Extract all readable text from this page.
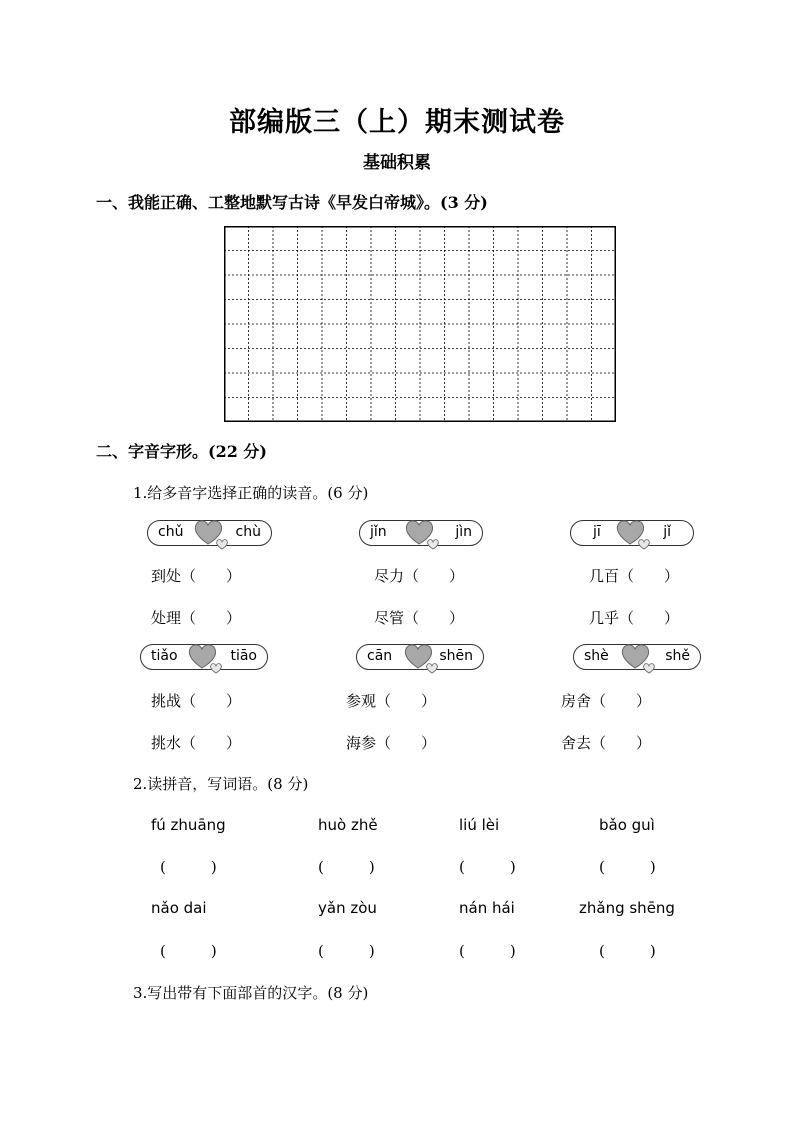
部编版三（上）期末测试卷
基础积累
一、我能正确、工整地默写古诗《早发白帝城》。(3 分)
二、字音字形。(22 分)
1.给多音字选择正确的读音。(6 分)
chǔ	chù	jǐn	jìn	jī	jǐ
到处（　　）
处理（　　）
尽力（　　）
尽管（　　）
几百（　　）
几乎（　　）
tiǎo	tiāo	cān	shēn	shè	shě
挑战（　　）
挑水（　　）
参观（　　）
海参（　　）
房舍（　　）
舍去（　　）
2.读拼音，写词语。(8 分)
fú zhuāng	huò zhě	liú lèi	bǎo guì
(　　　)	(　　　)	(　　　)	(　　　)
nǎo dai	yǎn zòu	nán hái	zhǎng shēng
(　　　)	(　　　)	(　　　)	(　　　)
3.写出带有下面部首的汉字。(8 分)
